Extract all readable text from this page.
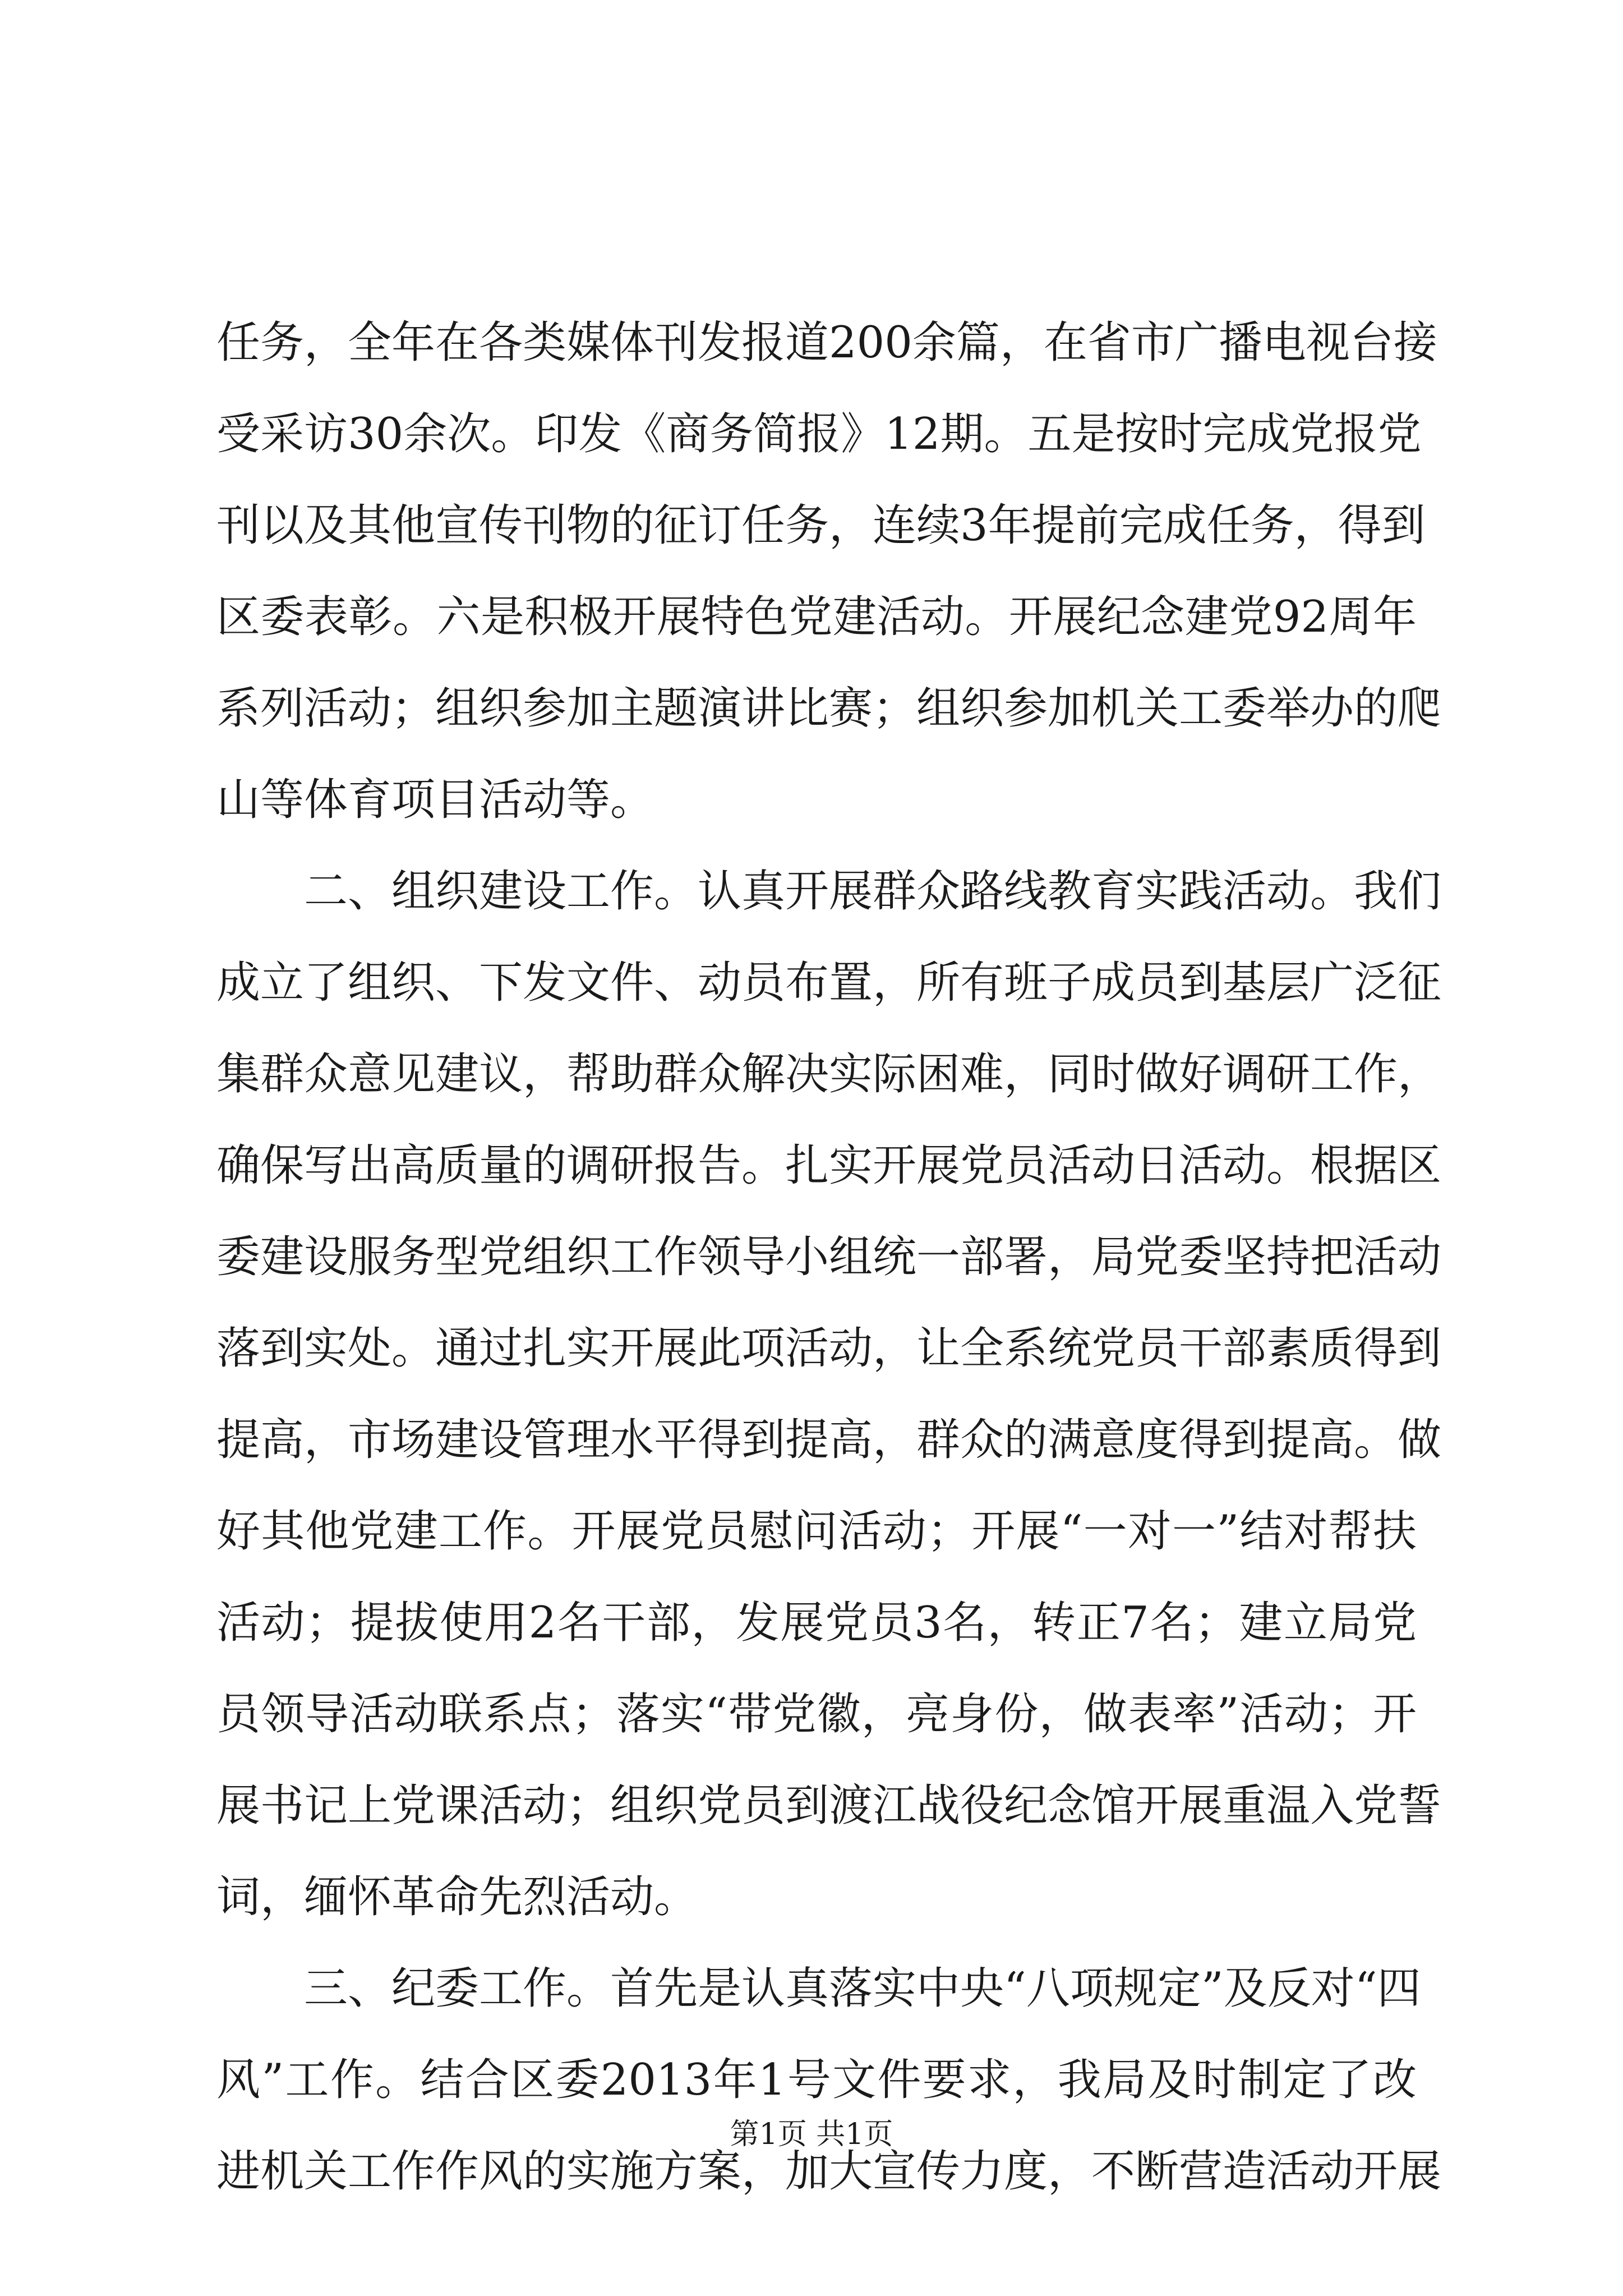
任务，全年在各类媒体刊发报道200余篇，在省市广播电视台接
受采访30余次。印发《商务简报》12期。五是按时完成党报党
刊以及其他宣传刊物的征订任务，连续3年提前完成任务，得到
区委表彰。六是积极开展特色党建活动。开展纪念建党92周年
系列活动；组织参加主题演讲比赛；组织参加机关工委举办的爬
山等体育项目活动等。
二、组织建设工作。认真开展群众路线教育实践活动。我们
成立了组织、下发文件、动员布置，所有班子成员到基层广泛征
集群众意见建议，帮助群众解决实际困难，同时做好调研工作，
确保写出高质量的调研报告。扎实开展党员活动日活动。根据区
委建设服务型党组织工作领导小组统一部署，局党委坚持把活动
落到实处。通过扎实开展此项活动，让全系统党员干部素质得到
提高，市场建设管理水平得到提高，群众的满意度得到提高。做
好其他党建工作。开展党员慰问活动；开展“一对一”结对帮扶
活动；提拔使用2名干部，发展党员3名，转正7名；建立局党
员领导活动联系点；落实“带党徽，亮身份，做表率”活动；开
展书记上党课活动；组织党员到渡江战役纪念馆开展重温入党誓
词，缅怀革命先烈活动。
三、纪委工作。首先是认真落实中央“八项规定”及反对“四
风”工作。结合区委2013年1号文件要求，我局及时制定了改
进机关工作作风的实施方案，加大宣传力度，不断营造活动开展
第1页 共1页
